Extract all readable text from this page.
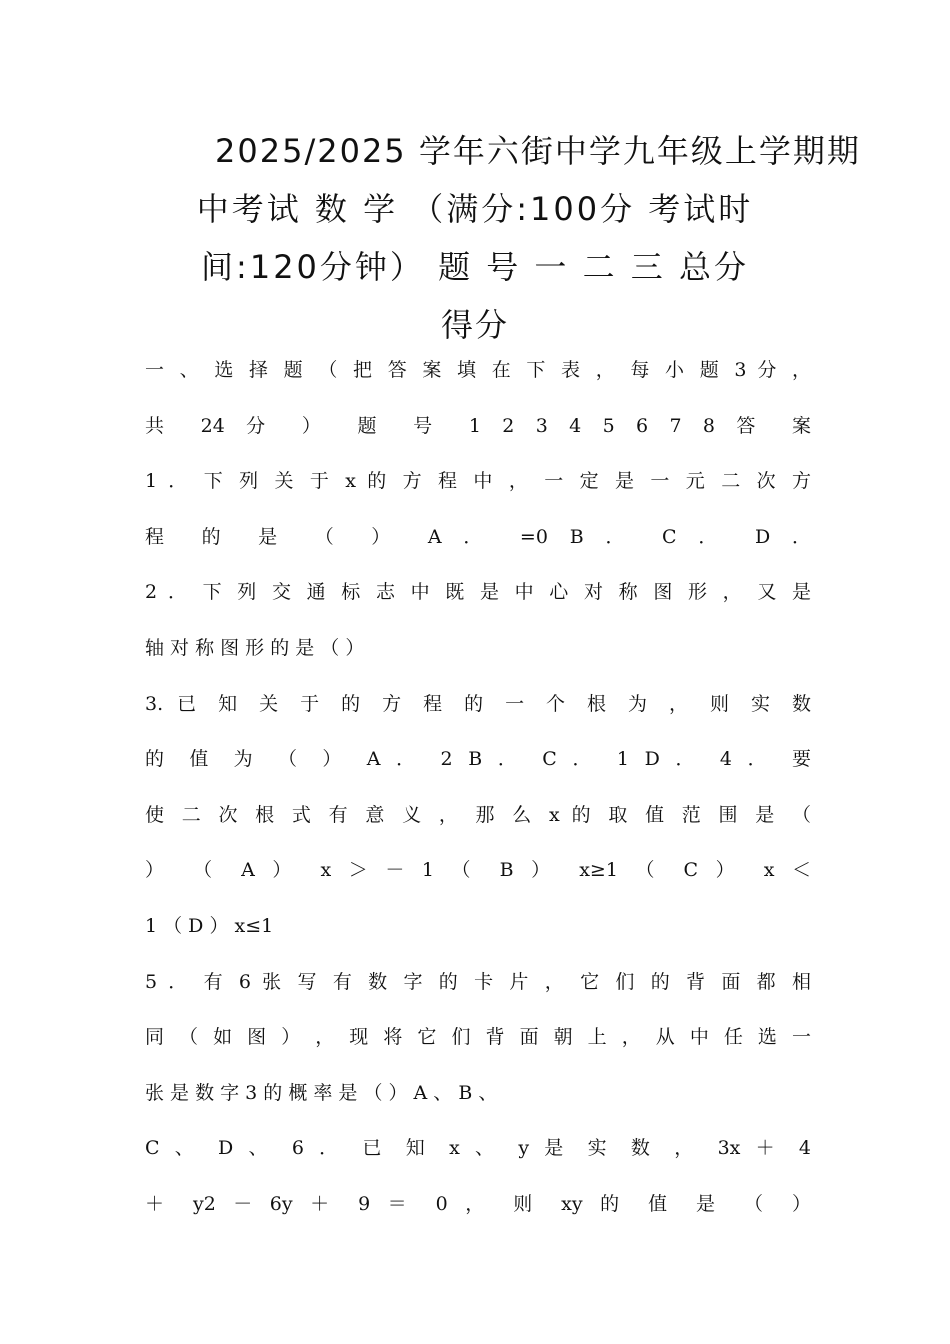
2025/2025 学年六街中学九年级上学期期
中考试 数 学 （满分:100分 考试时
间:120分钟） 题 号 一 二 三 总分
得分
一 、 选 择 题 （ 把 答 案 填 在 下 表 ， 每 小 题 3 分 ，
共 24 分 ） 题 号 1 2 3 4 5 6 7 8 答 案
1 ． 下 列 关 于 x 的 方 程 中 ， 一 定 是 一 元 二 次 方
程 的 是 （ ） A ． =0 B ． C ． D ．
2 ． 下 列 交 通 标 志 中 既 是 中 心 对 称 图 形 ， 又 是
轴 对 称 图 形 的 是 （ ）
3. 已 知 关 于 的 方 程 的 一 个 根 为 ， 则 实 数
的 值 为 （ ） A ． 2 B ． C ． 1 D ． 4 ． 要
使 二 次 根 式 有 意 义 ， 那 么 x 的 取 值 范 围 是 （
） （ A ） x ＞ － 1 （ B ） x≥1 （ C ） x ＜
1 （ D ） x≤1
5 ． 有 6 张 写 有 数 字 的 卡 片 ， 它 们 的 背 面 都 相
同 （ 如 图 ） ， 现 将 它 们 背 面 朝 上 ， 从 中 任 选 一
张 是 数 字 3 的 概 率 是 （ ） A 、 B 、
C 、 D 、 6 ． 已 知 x 、 y 是 实 数 ， 3x ＋ 4
＋ y2 － 6y ＋ 9 ＝ 0 ， 则 xy 的 值 是 （ ）
